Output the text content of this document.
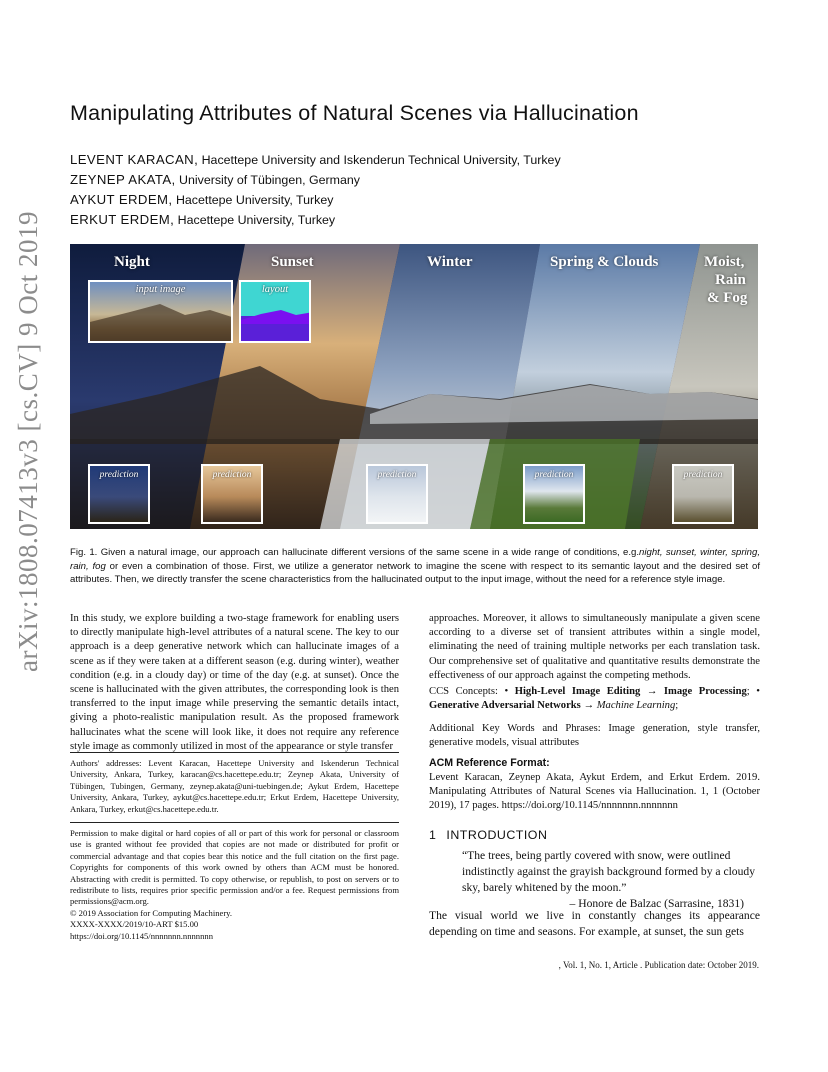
arXiv:1808.07413v3 [cs.CV] 9 Oct 2019
Manipulating Attributes of Natural Scenes via Hallucination
LEVENT KARACAN, Hacettepe University and Iskenderun Technical University, Turkey
ZEYNEP AKATA, University of Tübingen, Germany
AYKUT ERDEM, Hacettepe University, Turkey
ERKUT ERDEM, Hacettepe University, Turkey
Night	Sunset	Winter	Spring & Clouds	Moist,
Rain
& Fog
input image	layout
prediction	prediction	prediction	prediction	prediction

Fig. 1. Given a natural image, our approach can hallucinate different versions of the same scene in a wide range of conditions, e.g.night, sunset, winter, spring, rain, fog or even a combination of those. First, we utilize a generator network to imagine the scene with respect to its semantic layout and the desired set of attributes. Then, we directly transfer the scene characteristics from the hallucinated output to the input image, without the need for a reference style image.

In this study, we explore building a two-stage framework for enabling users to directly manipulate high-level attributes of a natural scene. The key to our approach is a deep generative network which can hallucinate images of a scene as if they were taken at a different season (e.g. during winter), weather condition (e.g. in a cloudy day) or time of the day (e.g. at sunset). Once the scene is hallucinated with the given attributes, the corresponding look is then transferred to the input image while preserving the semantic details intact, giving a photo-realistic manipulation result. As the proposed framework hallucinates what the scene will look like, it does not require any reference style image as commonly utilized in most of the appearance or style transfer

approaches. Moreover, it allows to simultaneously manipulate a given scene according to a diverse set of transient attributes within a single model, eliminating the need of training multiple networks per each translation task. Our comprehensive set of qualitative and quantitative results demonstrate the effectiveness of our approach against the competing methods.

CCS Concepts: • High-Level Image Editing → Image Processing; • Generative Adversarial Networks → Machine Learning;

Additional Key Words and Phrases: Image generation, style transfer, generative models, visual attributes

ACM Reference Format:

Levent Karacan, Zeynep Akata, Aykut Erdem, and Erkut Erdem. 2019. Manipulating Attributes of Natural Scenes via Hallucination. 1, 1 (October 2019), 17 pages. https://doi.org/10.1145/nnnnnnn.nnnnnnn

Authors' addresses: Levent Karacan, Hacettepe University and Iskenderun Technical University, Ankara, Turkey, karacan@cs.hacettepe.edu.tr; Zeynep Akata, University of Tübingen, Tubingen, Germany, zeynep.akata@uni-tuebingen.de; Aykut Erdem, Hacettepe University, Ankara, Turkey, aykut@cs.hacettepe.edu.tr; Erkut Erdem, Hacettepe University, Ankara, Turkey, erkut@cs.hacettepe.edu.tr.

Permission to make digital or hard copies of all or part of this work for personal or classroom use is granted without fee provided that copies are not made or distributed for profit or commercial advantage and that copies bear this notice and the full citation on the first page. Copyrights for components of this work owned by others than ACM must be honored. Abstracting with credit is permitted. To copy otherwise, or republish, to post on servers or to redistribute to lists, requires prior specific permission and/or a fee. Request permissions from permissions@acm.org.

© 2019 Association for Computing Machinery.

XXXX-XXXX/2019/10-ART $15.00

https://doi.org/10.1145/nnnnnnn.nnnnnnn

1 INTRODUCTION

“The trees, being partly covered with snow, were outlined indistinctly against the grayish background formed by a cloudy sky, barely whitened by the moon.”

– Honore de Balzac (Sarrasine, 1831)

The visual world we live in constantly changes its appearance depending on time and seasons. For example, at sunset, the sun gets

, Vol. 1, No. 1, Article . Publication date: October 2019.
